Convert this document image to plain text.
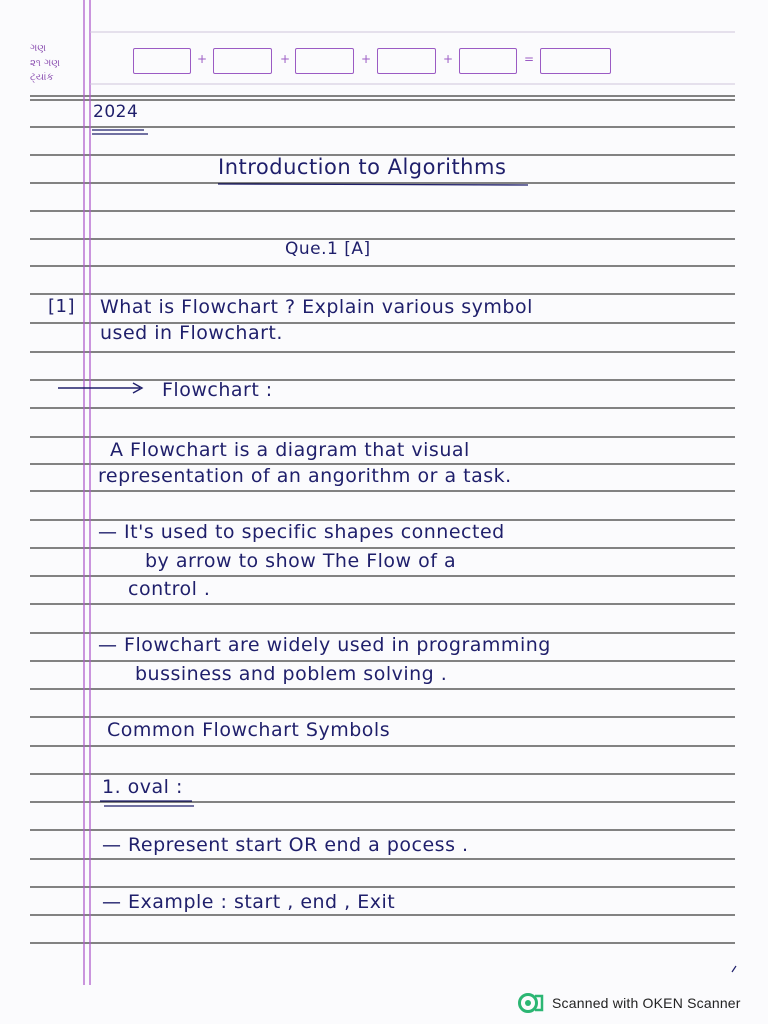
ગણ
૨૧ ગણ
ટ્યાંક
+	+	+	+	=
2024
Introduction to Algorithms
Que.1 [A]
[1] What is Flowchart ? Explain various symbol
used in Flowchart.
Flowchart :
A Flowchart is a diagram that visual
representation of an angorithm or a task.
— It's used to specific shapes connected
by arrow to show The Flow of a
control .
— Flowchart are widely used in programming
bussiness and poblem solving .
Common Flowchart Symbols
1. oval :
— Represent start OR end a pocess .
— Example : start , end , Exit
Scanned with OKEN Scanner
